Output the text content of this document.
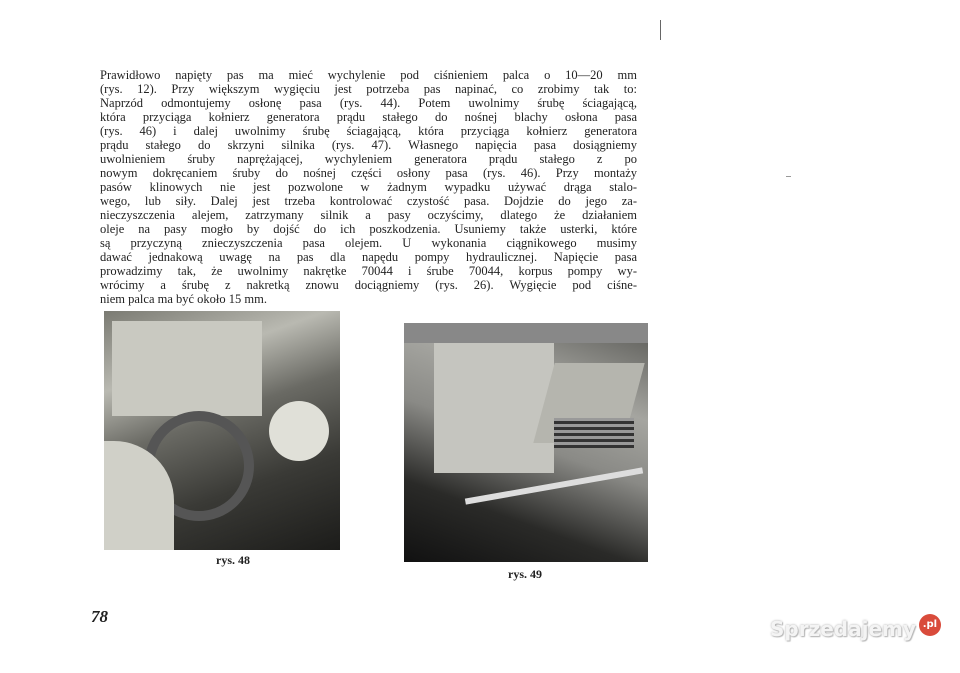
Prawidłowo napięty pas ma mieć wychylenie pod ciśnieniem palca o 10—20 mm
(rys. 12). Przy większym wygięciu jest potrzeba pas napinać, co zrobimy tak to:
Naprzód odmontujemy osłonę pasa (rys. 44). Potem uwolnimy śrubę ściagającą,
która przyciąga kołnierz generatora prądu stałego do nośnej blachy osłona pasa
(rys. 46) i dalej uwolnimy śrubę ściagającą, która przyciąga kołnierz generatora
prądu stałego do skrzyni silnika (rys. 47). Własnego napięcia pasa dosiągniemy
uwolnieniem śruby naprężającej, wychyleniem generatora prądu stałego z po
nowym dokręcaniem śruby do nośnej części osłony pasa (rys. 46). Przy montaży
pasów klinowych nie jest pozwolone w żadnym wypadku używać drąga stalo-
wego, lub siły. Dalej jest trzeba kontrolować czystość pasa. Dojdzie do jego za-
nieczyszczenia alejem, zatrzymany silnik a pasy oczyścimy, dlatego że działaniem
oleje na pasy mogło by dojść do ich poszkodzenia. Usuniemy także usterki, które
są przyczyną znieczyszczenia pasa olejem. U wykonania ciągnikowego musimy
dawać jednakową uwagę na pas dla napędu pompy hydraulicznej. Napięcie pasa
prowadzimy tak, że uwolnimy nakrętke 70044 i śrube 70044, korpus pompy wy-
wrócimy a śrubę z nakretką znowu dociągniemy (rys. 26). Wygięcie pod ciśne-
niem palca ma być około 15 mm.
rys. 48
rys. 49
78
Sprzedajemy .pl
